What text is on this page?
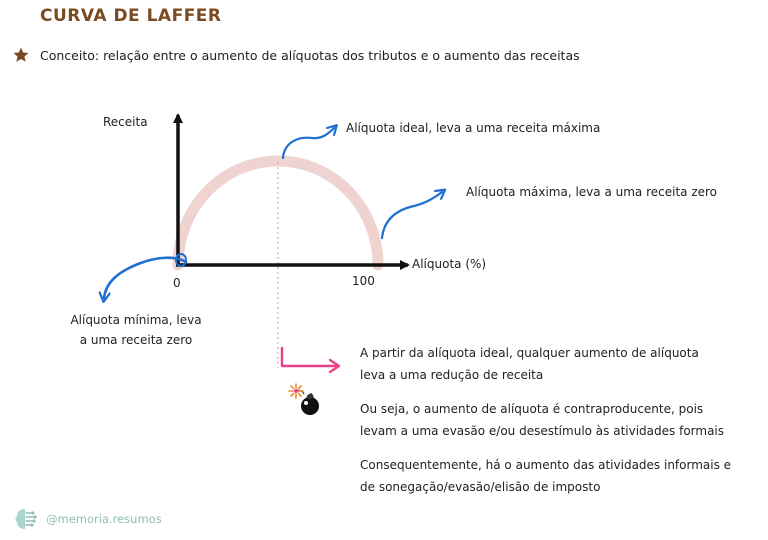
CURVA DE LAFFER
Conceito: relação entre o aumento de alíquotas dos tributos e o aumento das receitas
Receita
Alíquota (%)
0	100
Alíquota ideal, leva a uma receita máxima
Alíquota máxima, leva a uma receita zero
Alíquota mínima, leva
a uma receita zero
A partir da alíquota ideal, qualquer aumento de alíquota
leva a uma redução de receita
Ou seja, o aumento de alíquota é contraproducente, pois
levam a uma evasão e/ou desestímulo às atividades formais
Consequentemente, há o aumento das atividades informais e
de sonegação/evasão/elisão de imposto
@memoria.resumos
